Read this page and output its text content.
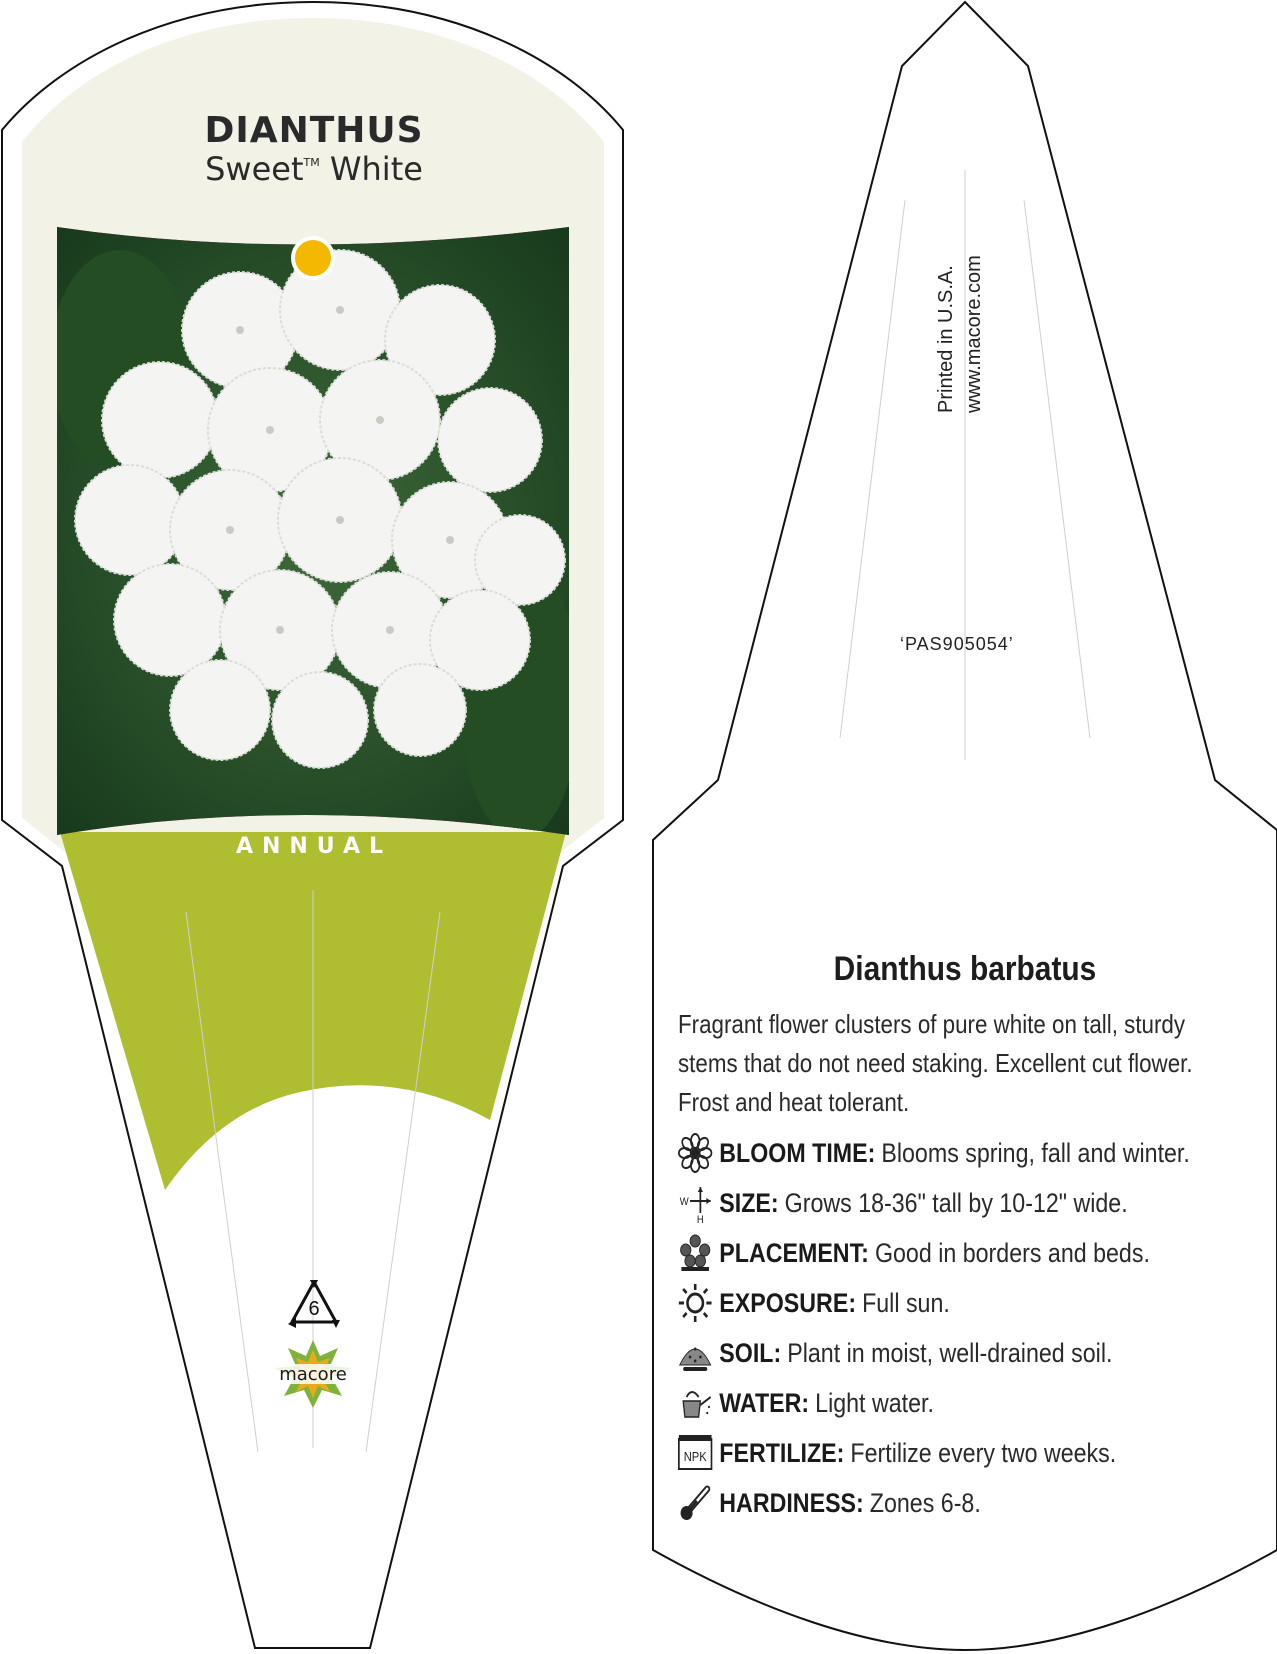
DIANTHUS
Sweet™ White
ANNUAL
6
macore
Printed in U.S.A. www.macore.com
‘PAS905054’
Dianthus barbatus
Fragrant flower clusters of pure white on tall, sturdy stems that do not need staking. Excellent cut flower. Frost and heat tolerant.
BLOOM TIME: Blooms spring, fall and winter.
W
H
SIZE: Grows 18-36" tall by 10-12" wide.
PLACEMENT: Good in borders and beds.
EXPOSURE: Full sun.
SOIL: Plant in moist, well-drained soil.
WATER: Light water.
NPK FERTILIZE: Fertilize every two weeks.
HARDINESS: Zones 6-8.
